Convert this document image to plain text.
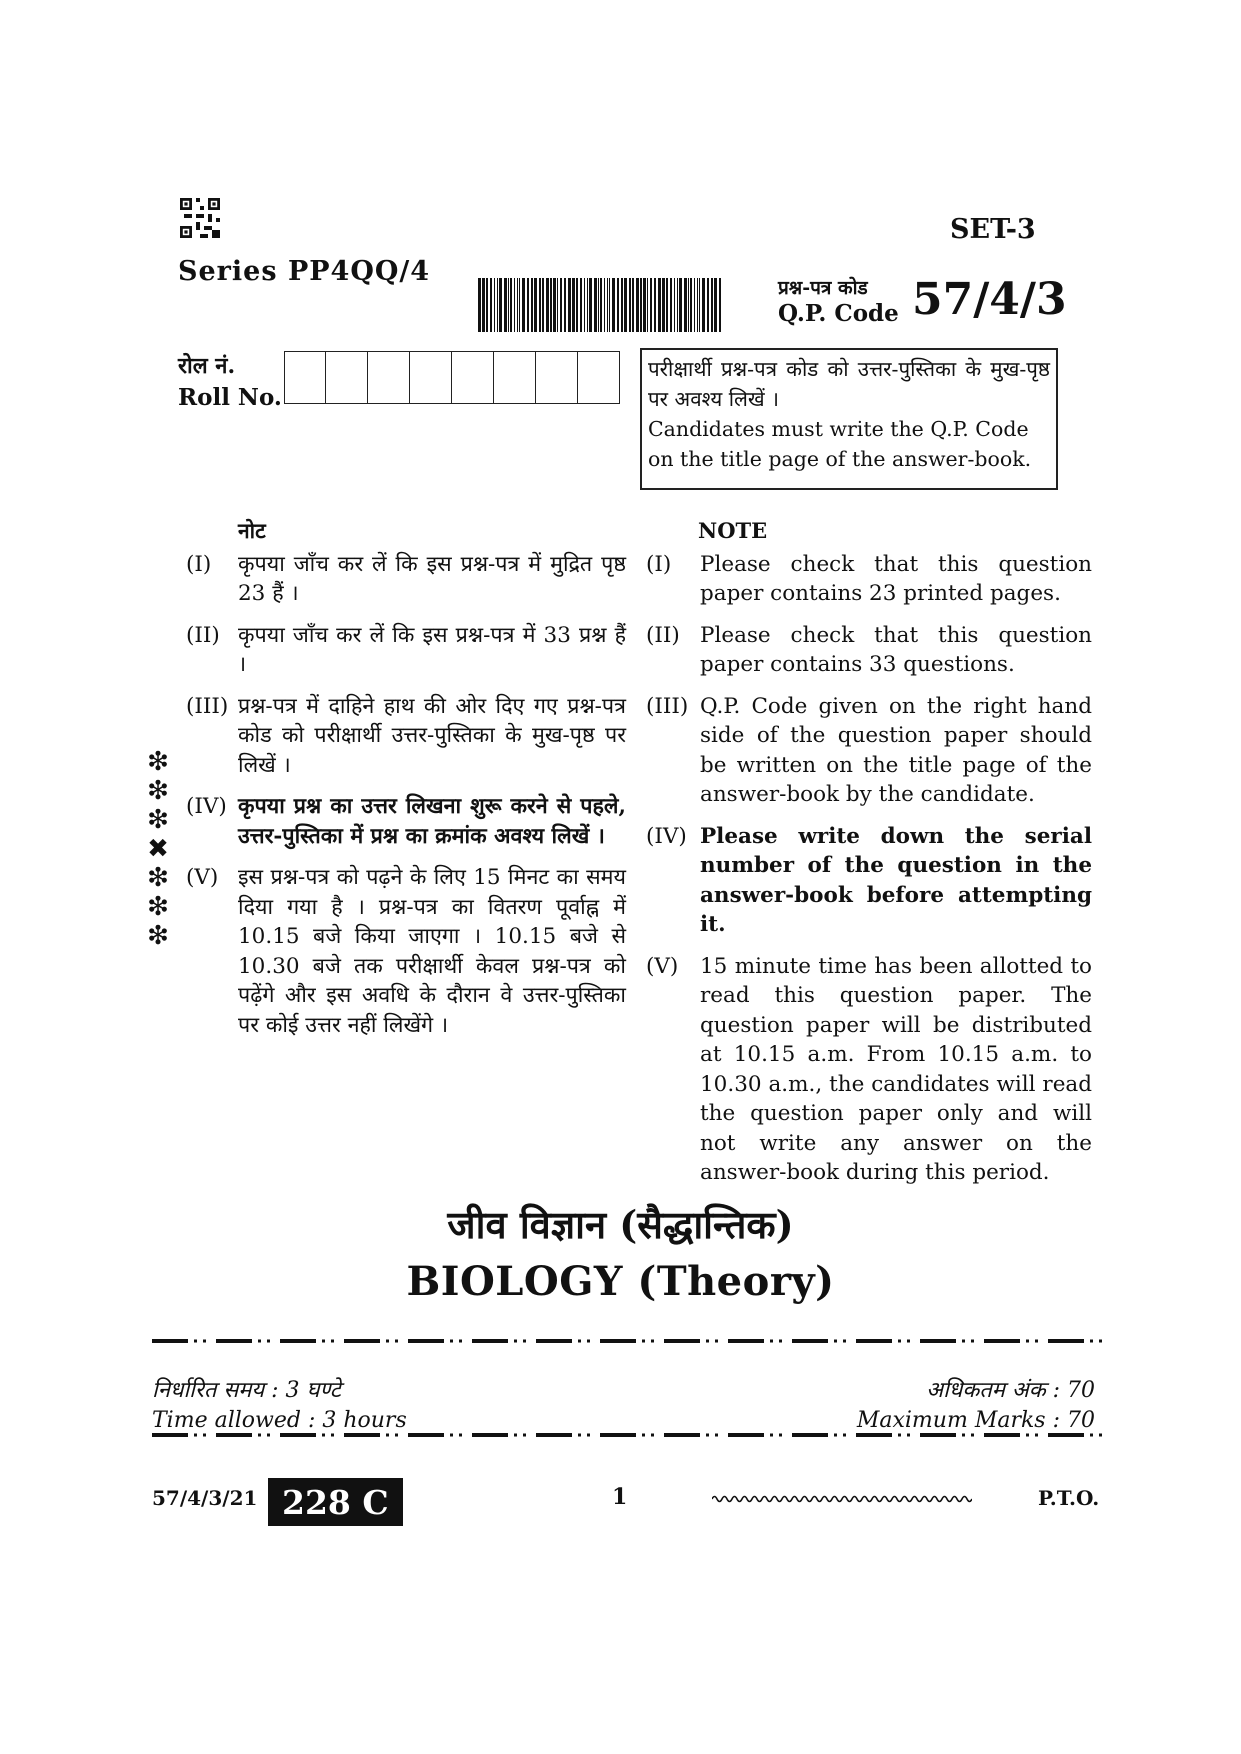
SET-3
Series PP4QQ/4
प्रश्न-पत्र कोड
Q.P. Code 57/4/3
रोल नं.
Roll No.

परीक्षार्थी प्रश्न-पत्र कोड को उत्तर-पुस्तिका के मुख-पृष्ठ पर अवश्य लिखें ।

Candidates must write the Q.P. Code on the title page of the answer-book.

नोट
(I)	कृपया जाँच कर लें कि इस प्रश्न-पत्र में मुद्रित पृष्ठ 23 हैं ।
(II) कृपया जाँच कर लें कि इस प्रश्न-पत्र में 33 प्रश्न हैं ।
(III) प्रश्न-पत्र में दाहिने हाथ की ओर दिए गए प्रश्न-पत्र कोड को परीक्षार्थी उत्तर-पुस्तिका के मुख-पृष्ठ पर लिखें ।
(IV) कृपया प्रश्न का उत्तर लिखना शुरू करने से पहले, उत्तर-पुस्तिका में प्रश्न का क्रमांक अवश्य लिखें ।
(V) इस प्रश्न-पत्र को पढ़ने के लिए 15 मिनट का समय दिया गया है । प्रश्न-पत्र का वितरण पूर्वाह्न में 10.15 बजे किया जाएगा । 10.15 बजे से 10.30 बजे तक परीक्षार्थी केवल प्रश्न-पत्र को पढ़ेंगे और इस अवधि के दौरान वे उत्तर-पुस्तिका पर कोई उत्तर नहीं लिखेंगे ।
NOTE
(I)	Please check that this question paper contains 23 printed pages.
(II) Please check that this question paper contains 33 questions.
(III) Q.P. Code given on the right hand side of the question paper should be written on the title page of the answer-book by the candidate.
(IV) Please write down the serial number of the question in the answer-book before attempting it.
(V)	15 minute time has been allotted to read this question paper. The question paper will be distributed at 10.15 a.m. From 10.15 a.m. to 10.30 a.m., the candidates will read the question paper only and will not write any answer on the answer-book during this period.
❇
❇
❇
✖
❇
❇
❇
जीव विज्ञान (सैद्धान्तिक)
BIOLOGY (Theory)
निर्धारित समय : 3 घण्टे
Time allowed : 3 hours
अधिकतम अंक : 70
Maximum Marks : 70
57/4/3/21 228 C	1	P.T.O.
